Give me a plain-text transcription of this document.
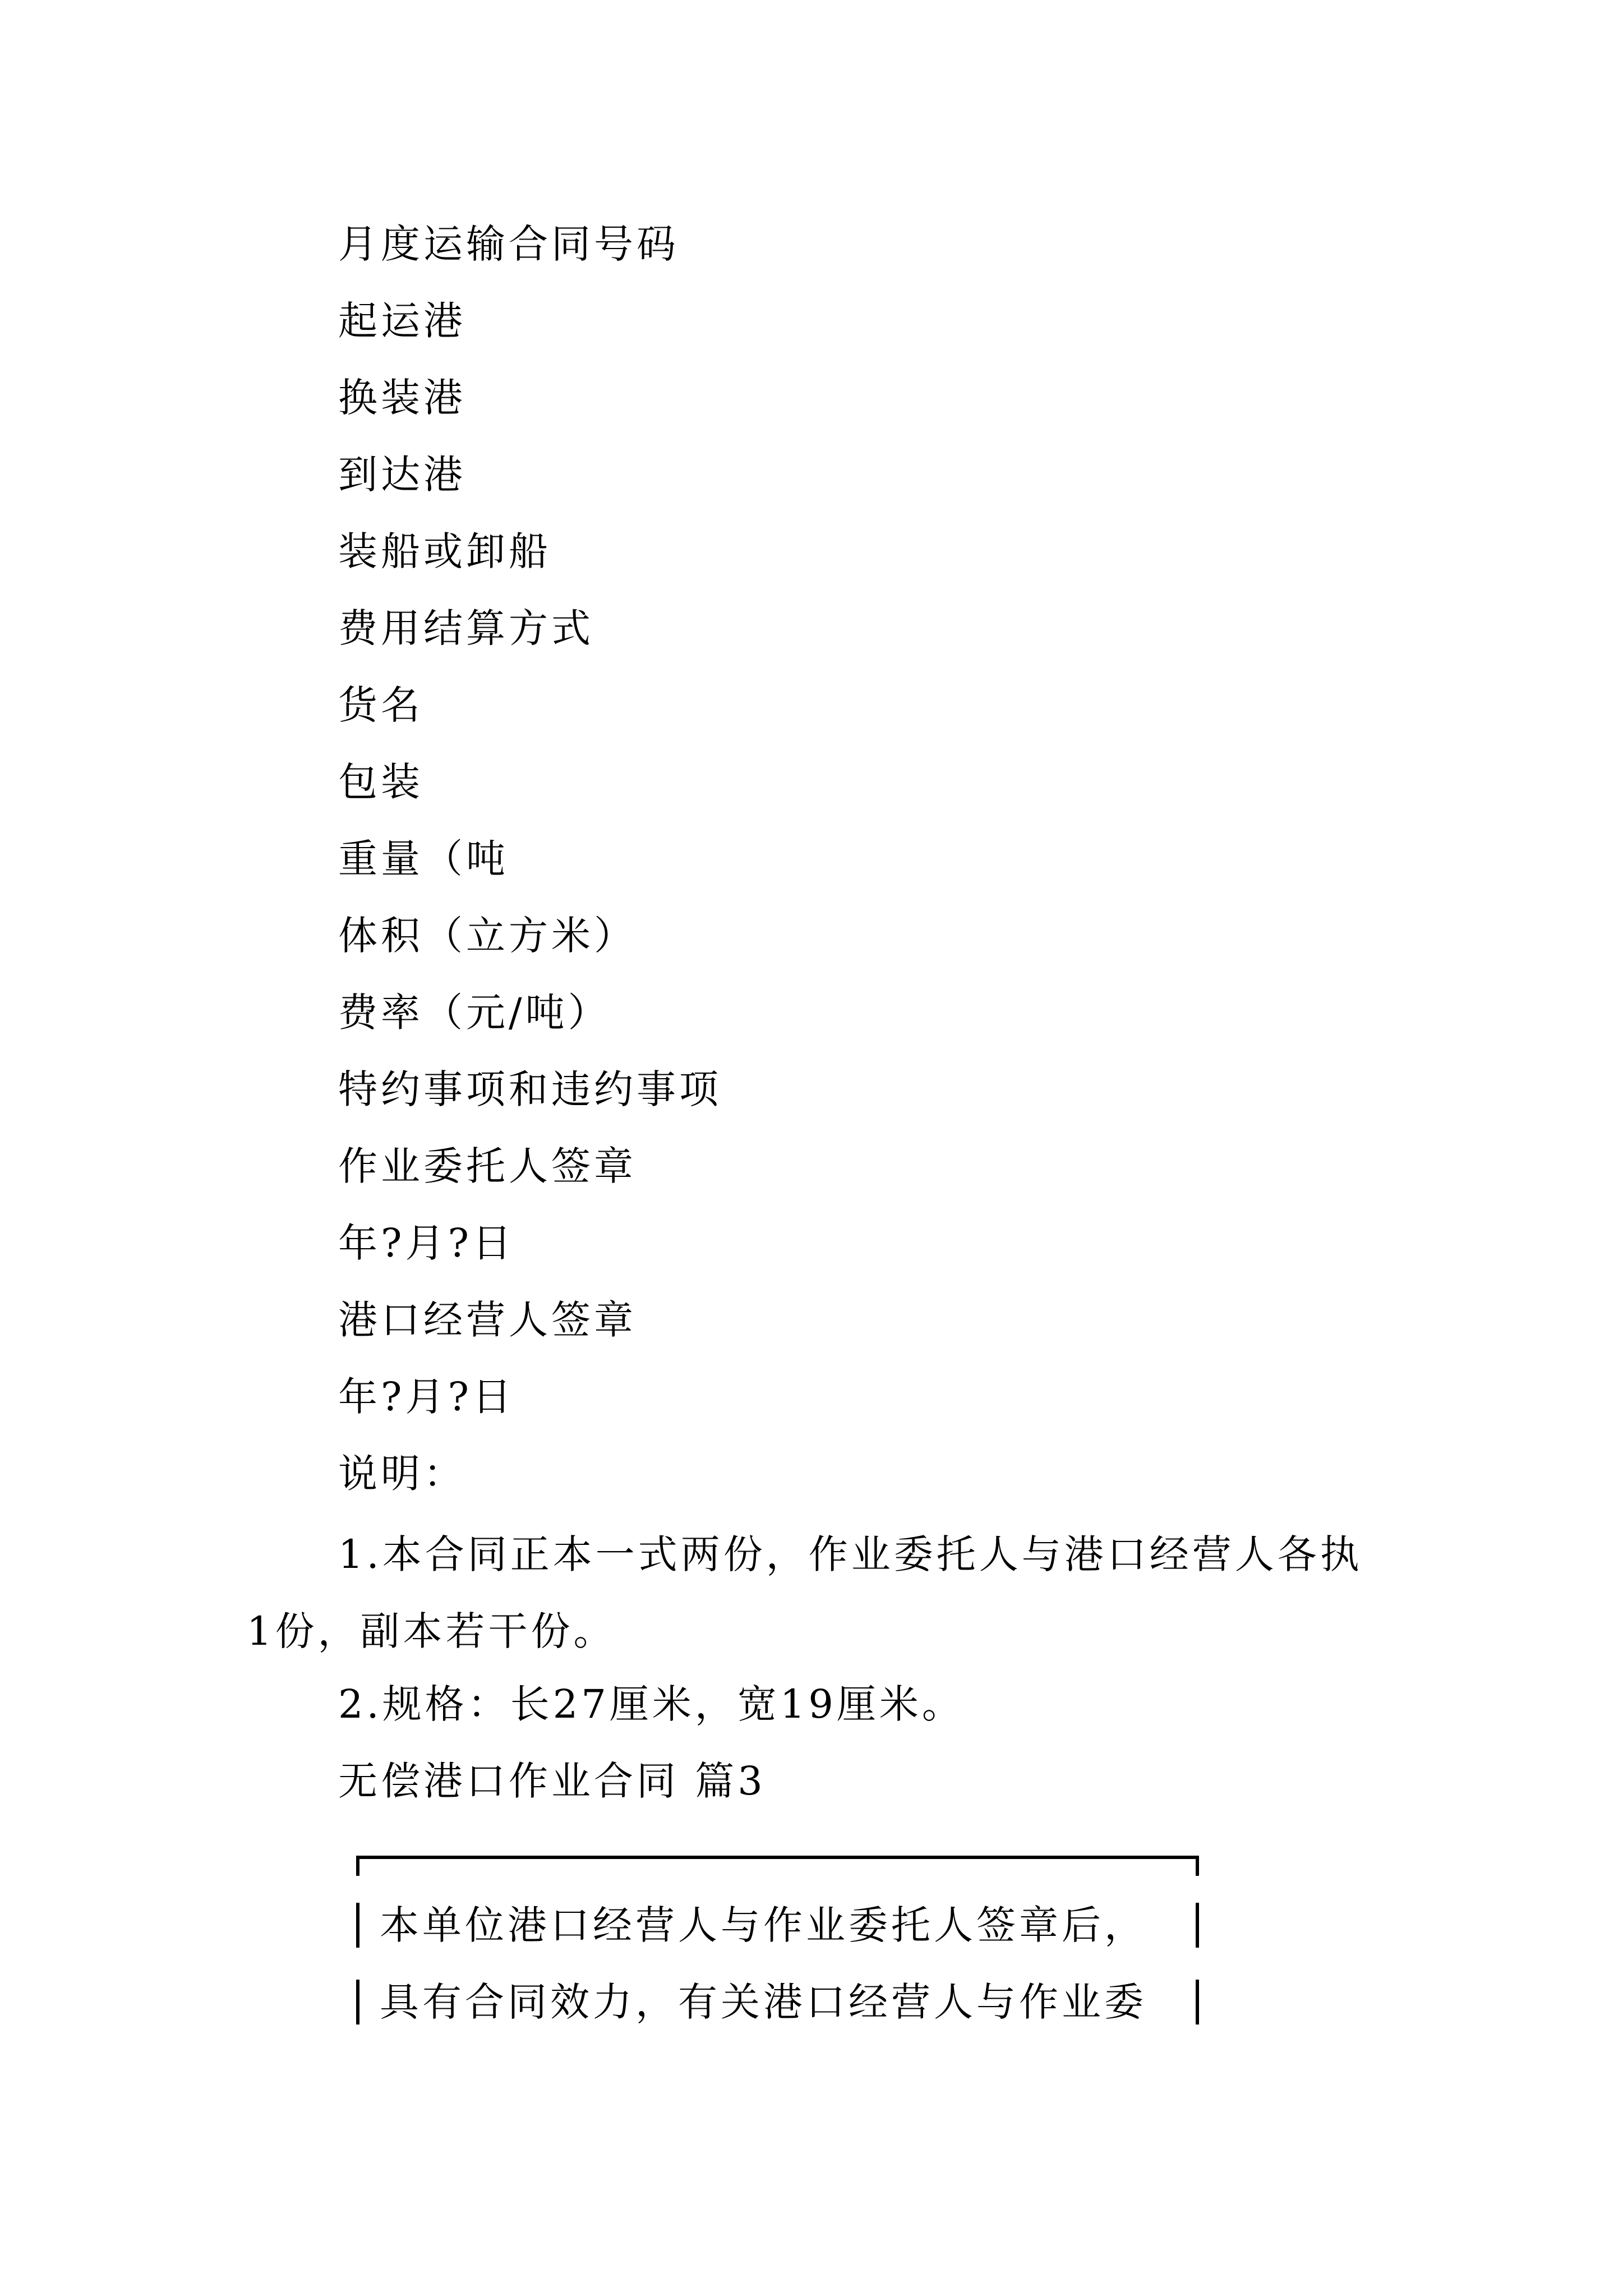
月度运输合同号码
起运港
换装港
到达港
装船或卸船
费用结算方式
货名
包装
重量（吨
体积（立方米）
费率（元/吨）
特约事项和违约事项
作业委托人签章
年?月?日
港口经营人签章
年?月?日
说明：
1.本合同正本一式两份，作业委托人与港口经营人各执1份，副本若干份。
2.规格：长27厘米，宽19厘米。
无偿港口作业合同 篇3
本单位港口经营人与作业委托人签章后，
具有合同效力，有关港口经营人与作业委
